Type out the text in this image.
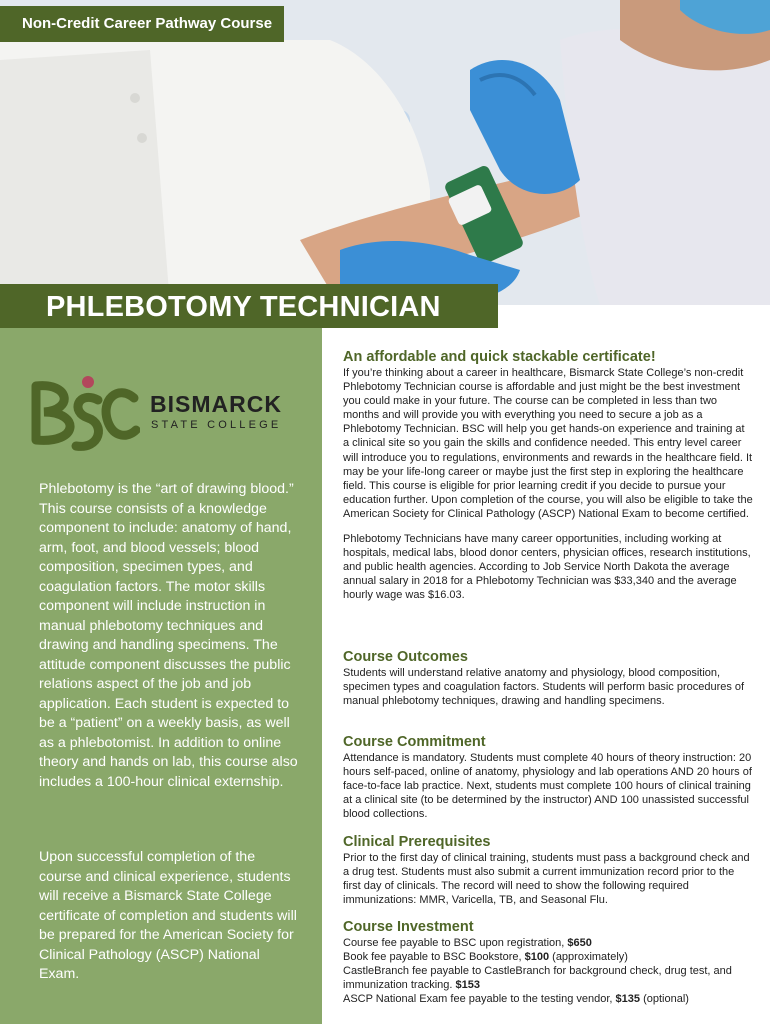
Non-Credit Career Pathway Course
PHLEBOTOMY TECHNICIAN
BISMARCK
STATE COLLEGE

Phlebotomy is the “art of drawing blood.” This course consists of a knowledge component to include: anatomy of hand, arm, foot, and blood vessels; blood composition, specimen types, and coagulation factors. The motor skills component will include instruction in manual phlebotomy techniques and drawing and handling specimens. The attitude component discusses the public relations aspect of the job and job application. Each student is expected to be a “patient” on a weekly basis, as well as a phlebotomist. In addition to online theory and hands on lab, this course also includes a 100-hour clinical externship.

Upon successful completion of the course and clinical experience, students will receive a Bismarck State College certificate of completion and students will be prepared for the American Society for Clinical Pathology (ASCP) National Exam.

An affordable and quick stackable certificate!

If you’re thinking about a career in healthcare, Bismarck State College’s non-credit Phlebotomy Technician course is affordable and just might be the best investment you could make in your future. The course can be completed in less than two months and will provide you with everything you need to secure a job as a Phlebotomy Technician. BSC will help you get hands-on experience and training at a clinical site so you gain the skills and confidence needed. This entry level career will introduce you to regulations, environments and rewards in the healthcare field. It may be your life-long career or maybe just the first step in exploring the healthcare field. This course is eligible for prior learning credit if you decide to pursue your education further. Upon completion of the course, you will also be eligible to take the American Society for Clinical Pathology (ASCP) National Exam to become certified.

Phlebotomy Technicians have many career opportunities, including working at hospitals, medical labs, blood donor centers, physician offices, research institutions, and public health agencies. According to Job Service North Dakota the average annual salary in 2018 for a Phlebotomy Technician was $33,340 and the average hourly wage was $16.03.

Course Outcomes

Students will understand relative anatomy and physiology, blood composition, specimen types and coagulation factors. Students will perform basic procedures of manual phlebotomy techniques, drawing and handling specimens.

Course Commitment

Attendance is mandatory. Students must complete 40 hours of theory instruction: 20 hours self-paced, online of anatomy, physiology and lab operations AND 20 hours of face-to-face lab practice. Next, students must complete 100 hours of clinical training at a clinical site (to be determined by the instructor) AND 100 unassisted successful blood collections.

Clinical Prerequisites

Prior to the first day of clinical training, students must pass a background check and a drug test. Students must also submit a current immunization record prior to the first day of clinicals. The record will need to show the following required immunizations: MMR, Varicella, TB, and Seasonal Flu.

Course Investment

Course fee payable to BSC upon registration, $650

Book fee payable to BSC Bookstore, $100 (approximately)

CastleBranch fee payable to CastleBranch for background check, drug test, and immunization tracking. $153

ASCP National Exam fee payable to the testing vendor, $135 (optional)
